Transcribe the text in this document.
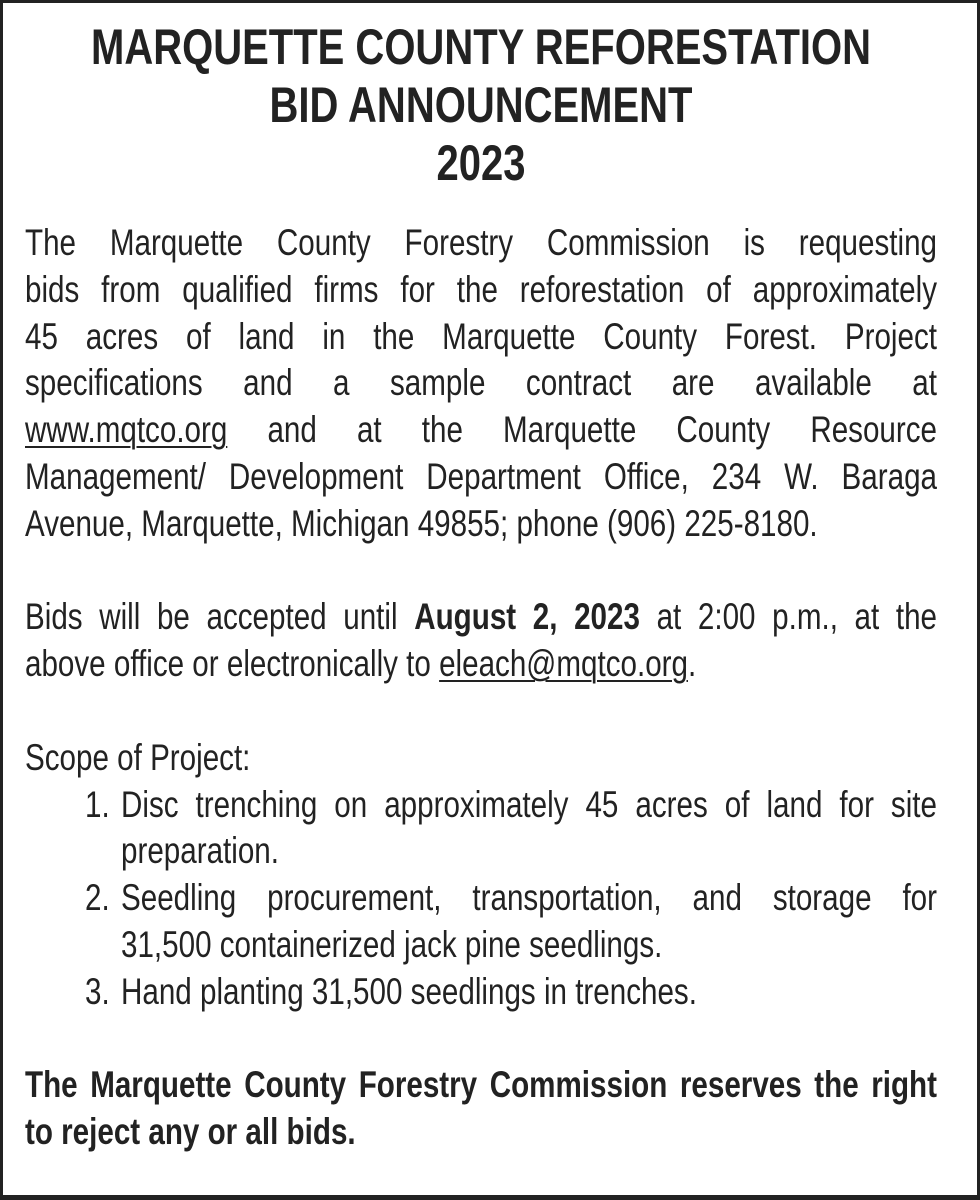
MARQUETTE COUNTY REFORESTATION
BID ANNOUNCEMENT
2023
The Marquette County Forestry Commission is requesting
bids from qualified firms for the reforestation of approximately
45 acres of land in the Marquette County Forest. Project
specifications and a sample contract are available at
www.mqtco.org and at the Marquette County Resource
Management/ Development Department Office, 234 W. Baraga
Avenue, Marquette, Michigan 49855; phone (906) 225-8180.
Bids will be accepted until August 2, 2023 at 2:00 p.m., at the
above office or electronically to eleach@mqtco.org.
Scope of Project:
1. Disc trenching on approximately 45 acres of land for site
preparation.
2. Seedling procurement, transportation, and storage for
31,500 containerized jack pine seedlings.
3. Hand planting 31,500 seedlings in trenches.
The Marquette County Forestry Commission reserves the right
to reject any or all bids.
